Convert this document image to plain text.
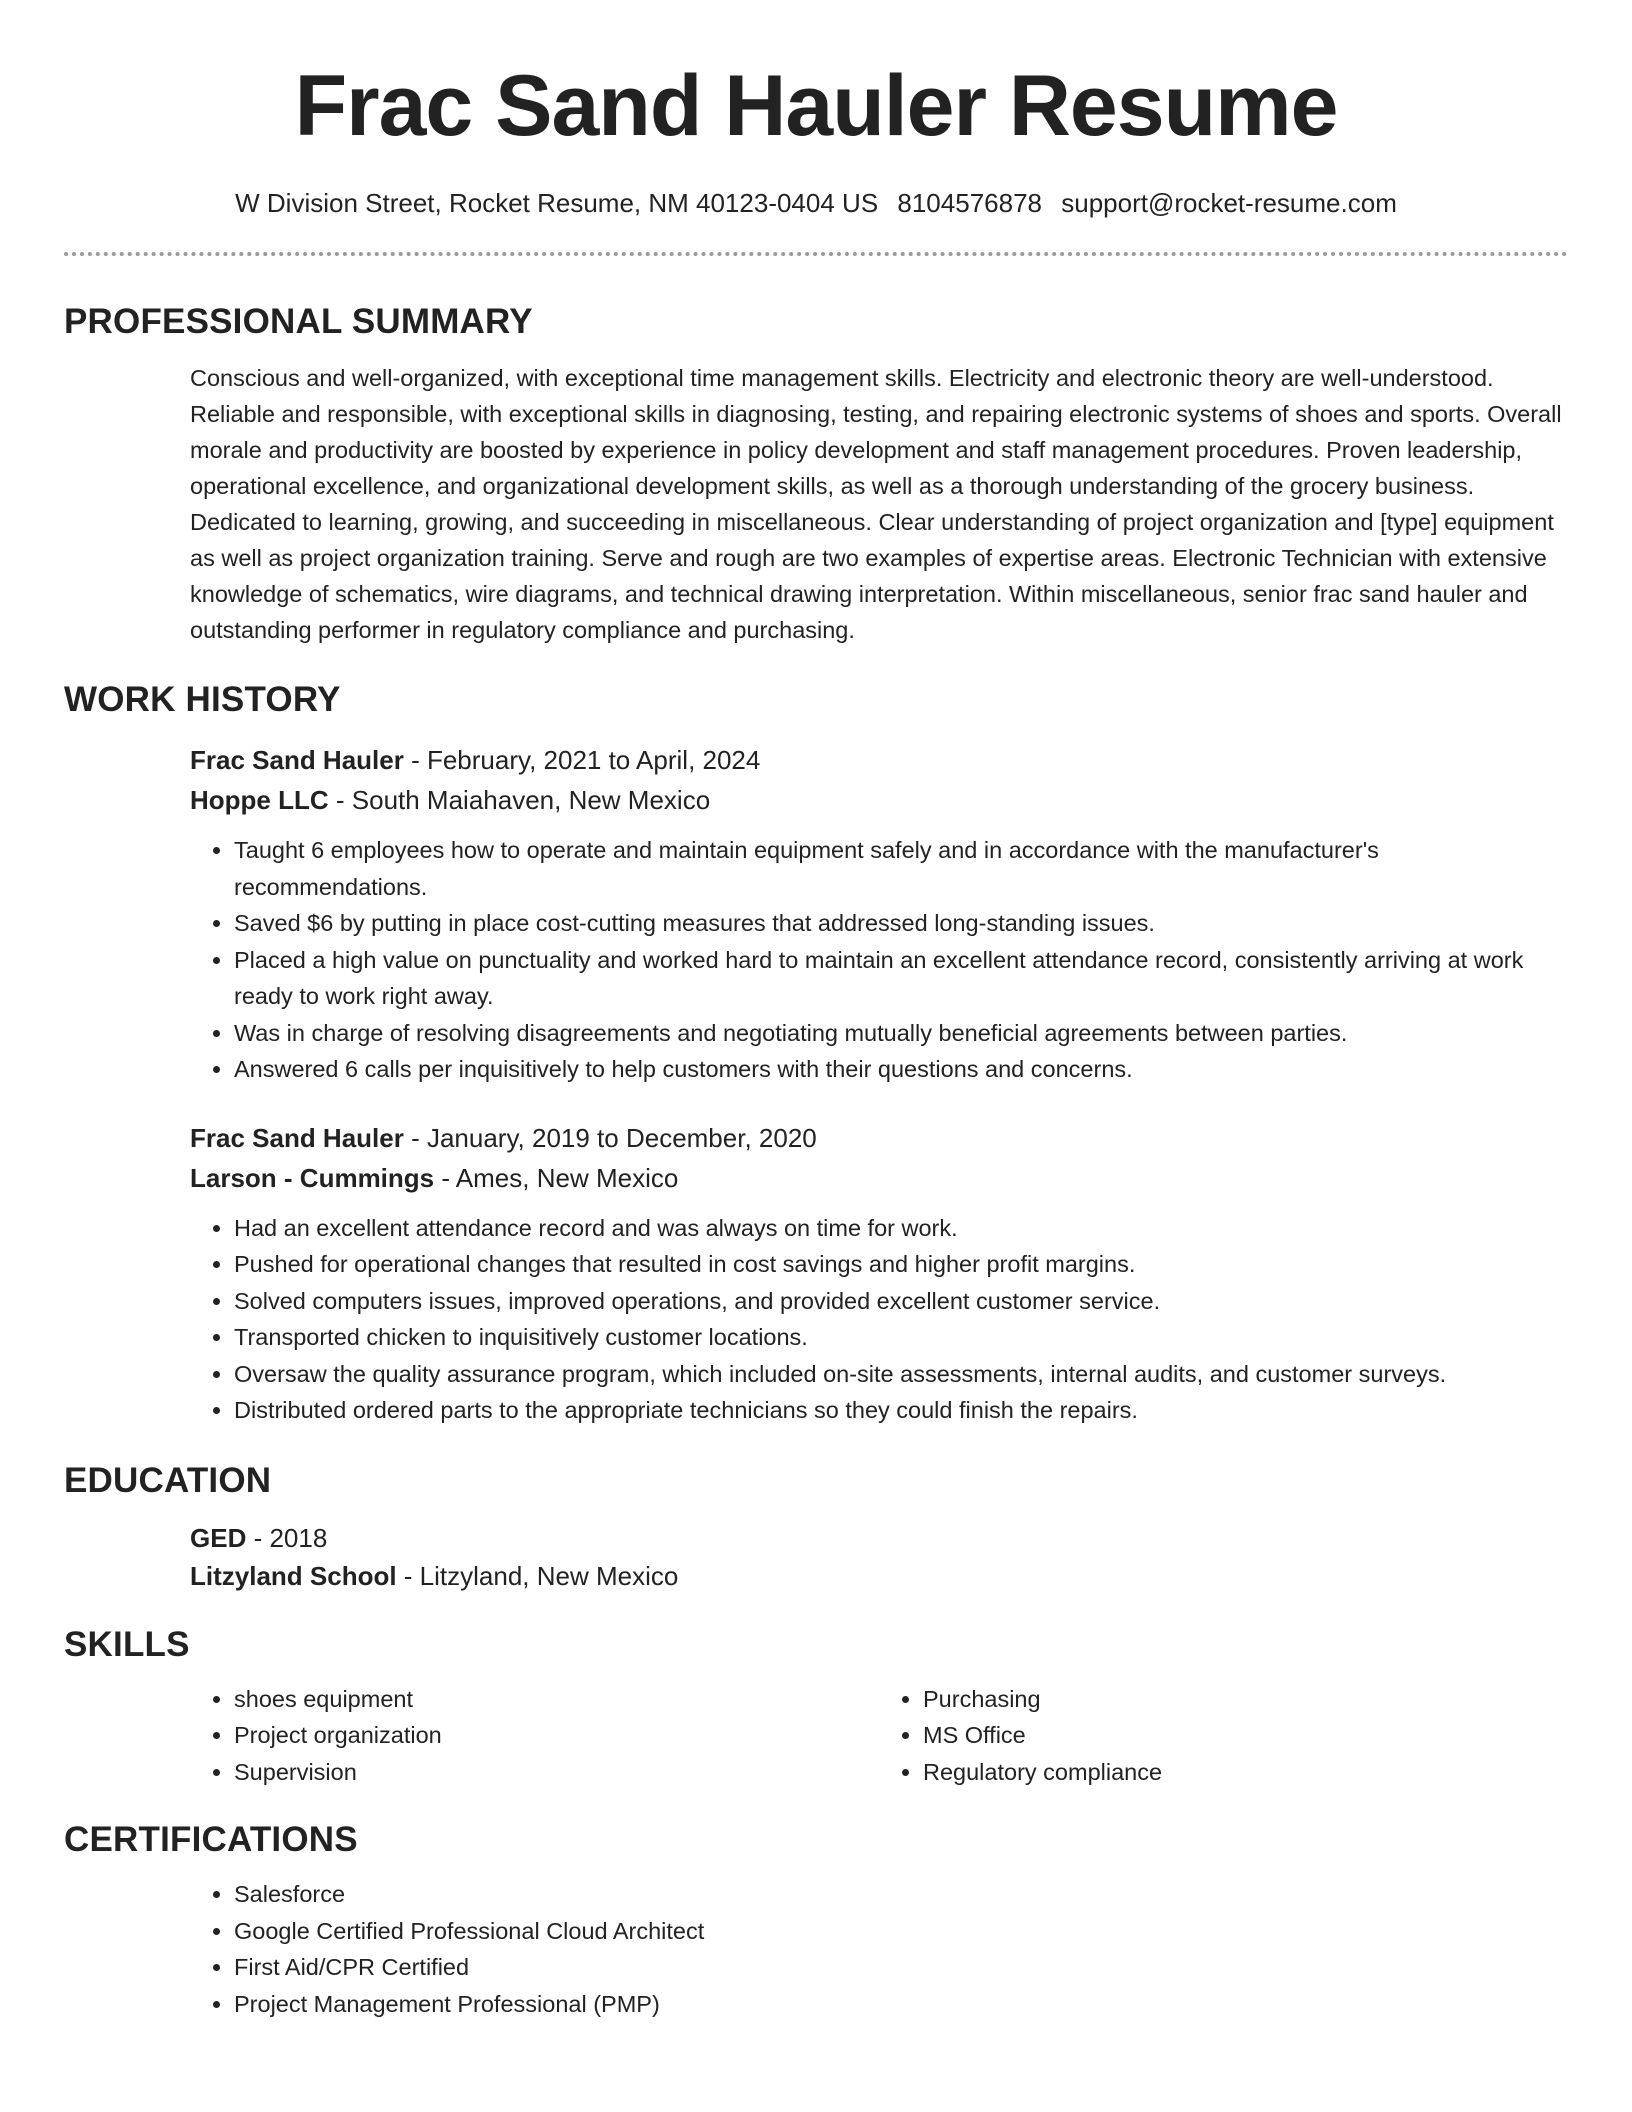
Frac Sand Hauler Resume
W Division Street, Rocket Resume, NM 40123-0404 US 8104576878 support@rocket-resume.com
PROFESSIONAL SUMMARY

Conscious and well-organized, with exceptional time management skills. Electricity and electronic theory are well-understood. Reliable and responsible, with exceptional skills in diagnosing, testing, and repairing electronic systems of shoes and sports. Overall morale and productivity are boosted by experience in policy development and staff management procedures. Proven leadership, operational excellence, and organizational development skills, as well as a thorough understanding of the grocery business. Dedicated to learning, growing, and succeeding in miscellaneous. Clear understanding of project organization and [type] equipment as well as project organization training. Serve and rough are two examples of expertise areas. Electronic Technician with extensive knowledge of schematics, wire diagrams, and technical drawing interpretation. Within miscellaneous, senior frac sand hauler and outstanding performer in regulatory compliance and purchasing.

WORK HISTORY
Frac Sand Hauler - February, 2021 to April, 2024
Hoppe LLC - South Maiahaven, New Mexico
• Taught 6 employees how to operate and maintain equipment safely and in accordance with the manufacturer's recommendations.
• Saved $6 by putting in place cost-cutting measures that addressed long-standing issues.
• Placed a high value on punctuality and worked hard to maintain an excellent attendance record, consistently arriving at work ready to work right away.
• Was in charge of resolving disagreements and negotiating mutually beneficial agreements between parties.
• Answered 6 calls per inquisitively to help customers with their questions and concerns.
Frac Sand Hauler - January, 2019 to December, 2020
Larson - Cummings - Ames, New Mexico
• Had an excellent attendance record and was always on time for work.
• Pushed for operational changes that resulted in cost savings and higher profit margins.
• Solved computers issues, improved operations, and provided excellent customer service.
• Transported chicken to inquisitively customer locations.
• Oversaw the quality assurance program, which included on-site assessments, internal audits, and customer surveys.
• Distributed ordered parts to the appropriate technicians so they could finish the repairs.
EDUCATION
GED - 2018
Litzyland School - Litzyland, New Mexico
SKILLS
• shoes equipment
• Project organization
• Supervision
• Purchasing
• MS Office
• Regulatory compliance
CERTIFICATIONS
• Salesforce
• Google Certified Professional Cloud Architect
• First Aid/CPR Certified
• Project Management Professional (PMP)
